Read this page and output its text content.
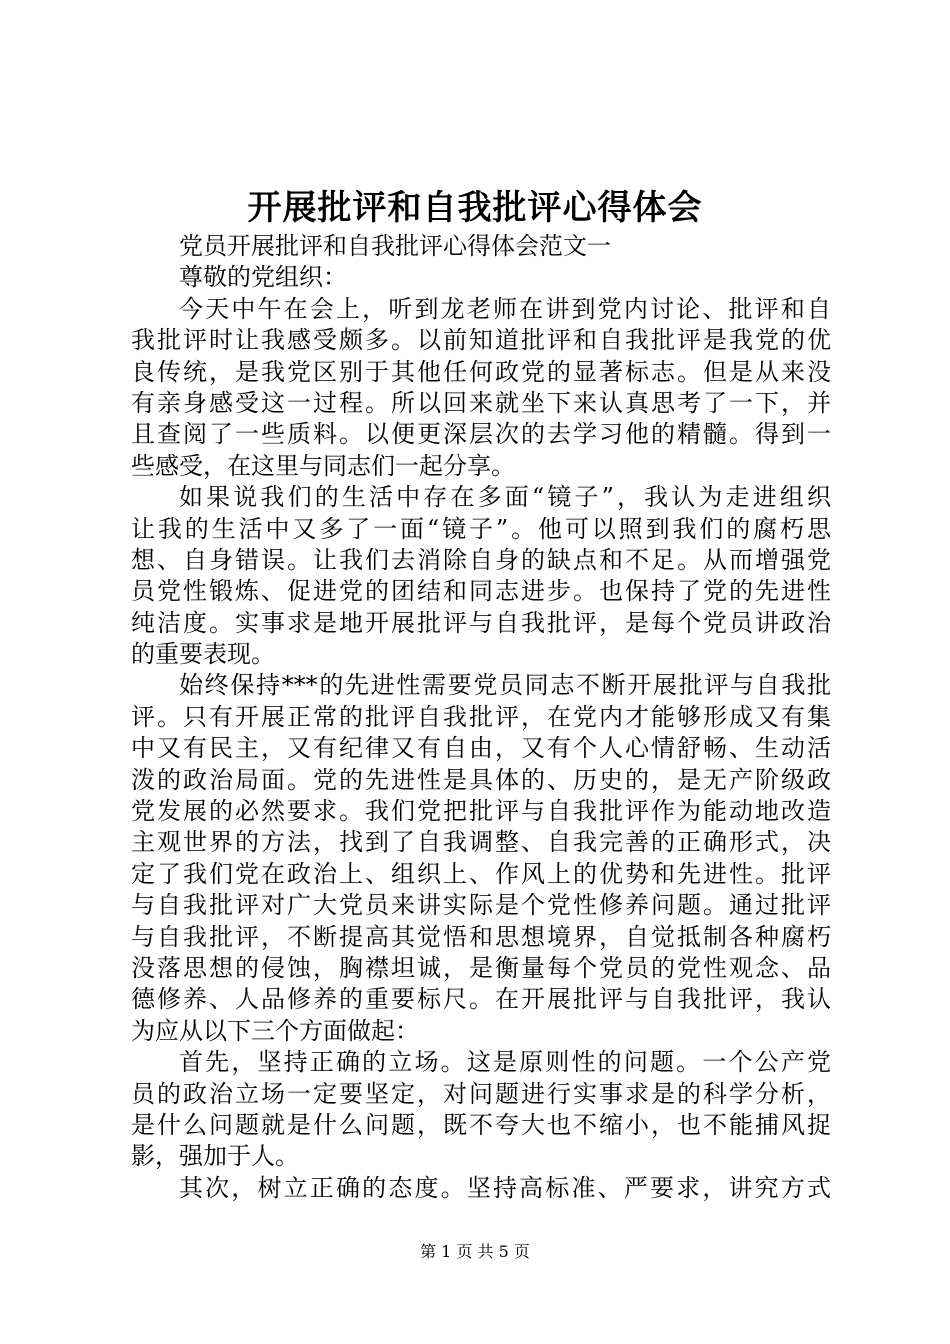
开展批评和自我批评心得体会
党员开展批评和自我批评心得体会范文一
尊敬的党组织：
今天中午在会上，听到龙老师在讲到党内讨论、批评和自
我批评时让我感受颇多。以前知道批评和自我批评是我党的优
良传统，是我党区别于其他任何政党的显著标志。但是从来没
有亲身感受这一过程。所以回来就坐下来认真思考了一下，并
且查阅了一些质料。以便更深层次的去学习他的精髓。得到一
些感受，在这里与同志们一起分享。
如果说我们的生活中存在多面“镜子”，我认为走进组织
让我的生活中又多了一面“镜子”。他可以照到我们的腐朽思
想、自身错误。让我们去消除自身的缺点和不足。从而增强党
员党性锻炼、促进党的团结和同志进步。也保持了党的先进性
纯洁度。实事求是地开展批评与自我批评，是每个党员讲政治
的重要表现。
始终保持***的先进性需要党员同志不断开展批评与自我批
评。只有开展正常的批评自我批评，在党内才能够形成又有集
中又有民主，又有纪律又有自由，又有个人心情舒畅、生动活
泼的政治局面。党的先进性是具体的、历史的，是无产阶级政
党发展的必然要求。我们党把批评与自我批评作为能动地改造
主观世界的方法，找到了自我调整、自我完善的正确形式，决
定了我们党在政治上、组织上、作风上的优势和先进性。批评
与自我批评对广大党员来讲实际是个党性修养问题。通过批评
与自我批评，不断提高其觉悟和思想境界，自觉抵制各种腐朽
没落思想的侵蚀，胸襟坦诚，是衡量每个党员的党性观念、品
德修养、人品修养的重要标尺。在开展批评与自我批评，我认
为应从以下三个方面做起：
首先，坚持正确的立场。这是原则性的问题。一个公产党
员的政治立场一定要坚定，对问题进行实事求是的科学分析，
是什么问题就是什么问题，既不夸大也不缩小，也不能捕风捉
影，强加于人。
其次，树立正确的态度。坚持高标准、严要求，讲究方式
第 1 页 共 5 页
